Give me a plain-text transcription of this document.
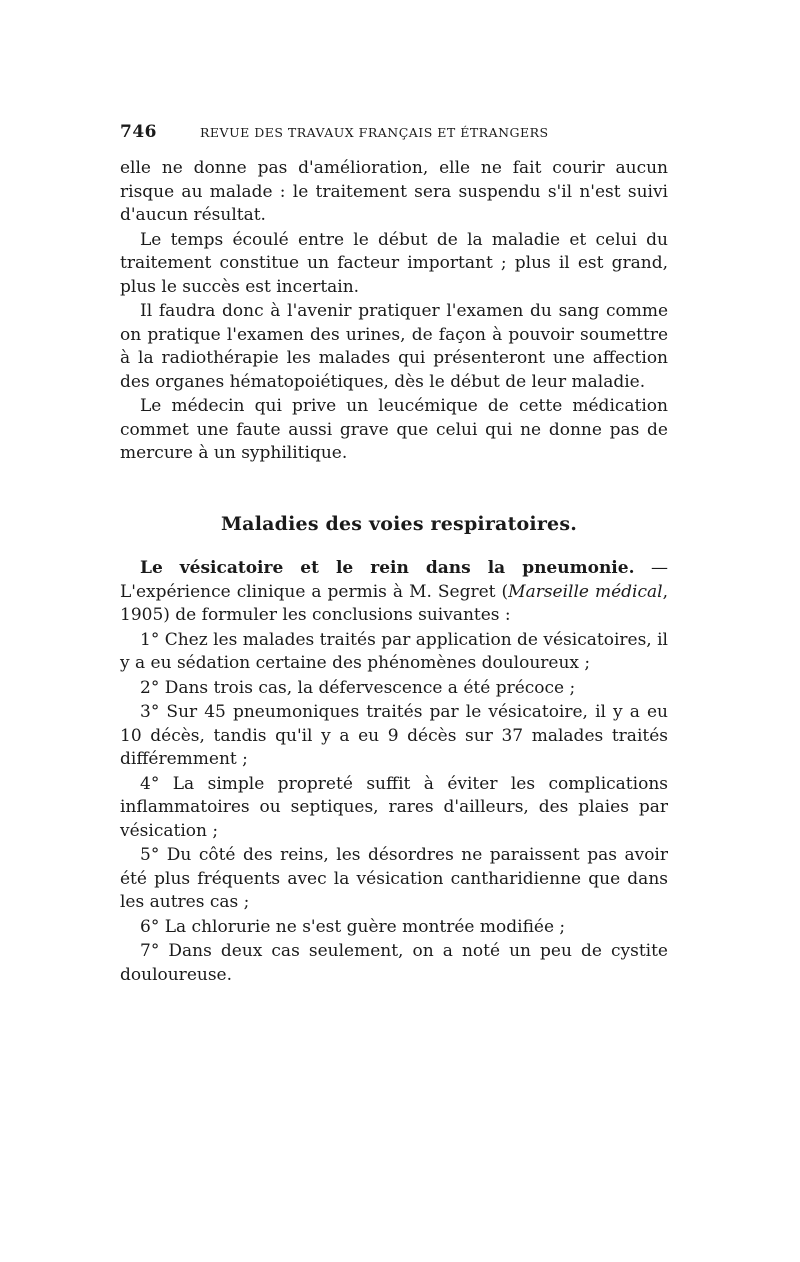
746	REVUE DES TRAVAUX FRANÇAIS ET ÉTRANGERS

elle ne donne pas d'amélioration, elle ne fait courir aucun risque au malade : le traitement sera suspendu s'il n'est suivi d'aucun résultat.

Le temps écoulé entre le début de la maladie et celui du traitement constitue un facteur important ; plus il est grand, plus le succès est incertain.

Il faudra donc à l'avenir pratiquer l'examen du sang comme on pratique l'examen des urines, de façon à pouvoir soumettre à la radiothérapie les malades qui présenteront une affection des organes hématopoiétiques, dès le début de leur maladie.

Le médecin qui prive un leucémique de cette médication commet une faute aussi grave que celui qui ne donne pas de mercure à un syphilitique.

Maladies des voies respiratoires.

Le vésicatoire et le rein dans la pneumonie. — L'expérience clinique a permis à M. Segret (Marseille médical, 1905) de formuler les conclusions suivantes :

1° Chez les malades traités par application de vésicatoires, il y a eu sédation certaine des phénomènes douloureux ;

2° Dans trois cas, la défervescence a été précoce ;

3° Sur 45 pneumoniques traités par le vésicatoire, il y a eu 10 décès, tandis qu'il y a eu 9 décès sur 37 malades traités différemment ;

4° La simple propreté suffit à éviter les complications inflammatoires ou septiques, rares d'ailleurs, des plaies par vésication ;

5° Du côté des reins, les désordres ne paraissent pas avoir été plus fréquents avec la vésication cantharidienne que dans les autres cas ;

6° La chlorurie ne s'est guère montrée modifiée ;

7° Dans deux cas seulement, on a noté un peu de cystite douloureuse.
